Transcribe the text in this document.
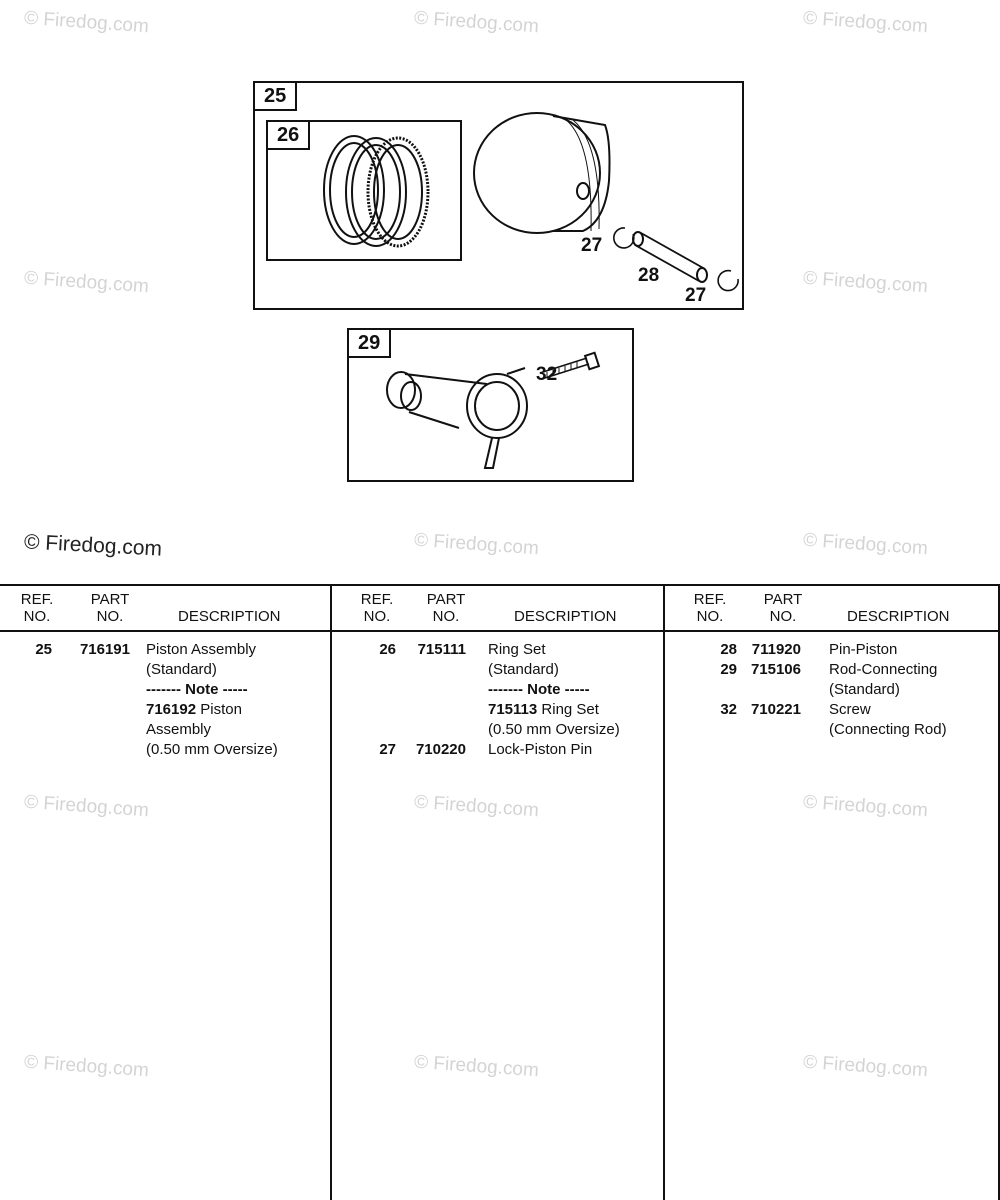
© Firedog.com	© Firedog.com	© Firedog.com
© Firedog.com	© Firedog.com
© Firedog.com	© Firedog.com	© Firedog.com
© Firedog.com	© Firedog.com	© Firedog.com
© Firedog.com	© Firedog.com	© Firedog.com
25
26
27
28
27
29
32
REF.
NO.
PART
NO.	DESCRIPTION
25	716191 Piston Assembly
(Standard)
------- Note -----
716192 Piston
Assembly
(0.50 mm Oversize)
REF.
NO.
PART
NO.	DESCRIPTION
26	715111 Ring Set
(Standard)
------- Note -----
715113 Ring Set
(0.50 mm Oversize)
27	710220 Lock-Piston Pin
REF.
NO.
PART
NO.	DESCRIPTION
28 711920 Pin-Piston
29 715106 Rod-Connecting
(Standard)
32 710221 Screw
(Connecting Rod)
